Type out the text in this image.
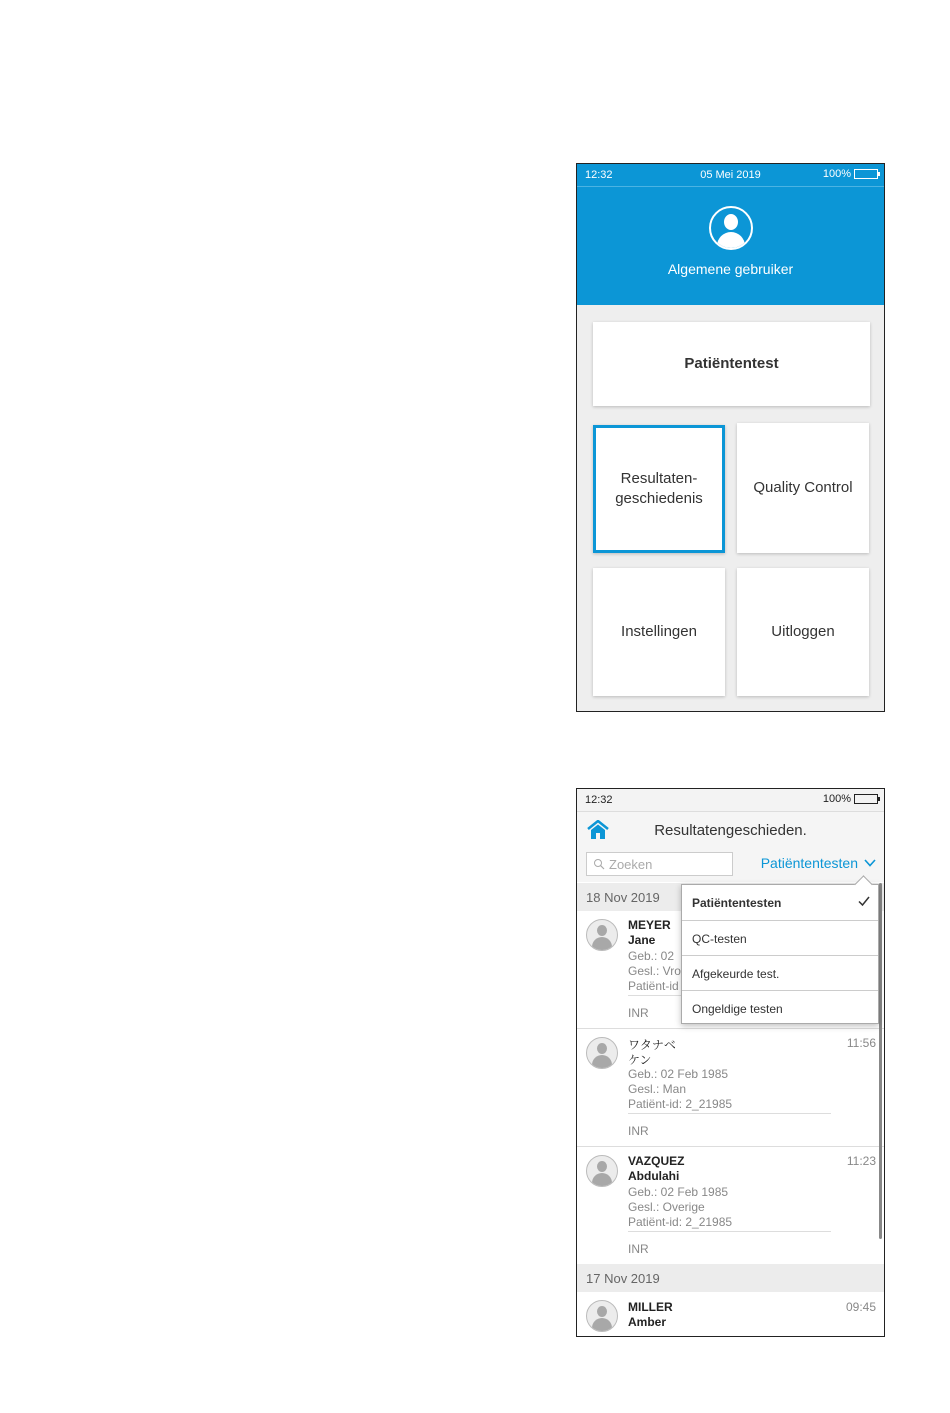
12:32	05 Mei 2019	100%
Algemene gebruiker
Patiëntentest
Resultaten-
geschiedenis
Quality Control
Instellingen	Uitloggen
12:32	100%
Resultatengeschieden.
Zoeken
Patiëntentesten
18 Nov 2019
MEYER
Jane
Geb.: 02
Gesl.: Vro
Patiënt-id
INR
ワタナベ
ケン
11:56
Geb.: 02 Feb 1985
Gesl.: Man
Patiënt-id: 2_21985
INR
VAZQUEZ
Abdulahi
11:23
Geb.: 02 Feb 1985
Gesl.: Overige
Patiënt-id: 2_21985
INR
17 Nov 2019
MILLER
Amber
09:45
Patiëntentesten
QC-testen
Afgekeurde test.
Ongeldige testen
